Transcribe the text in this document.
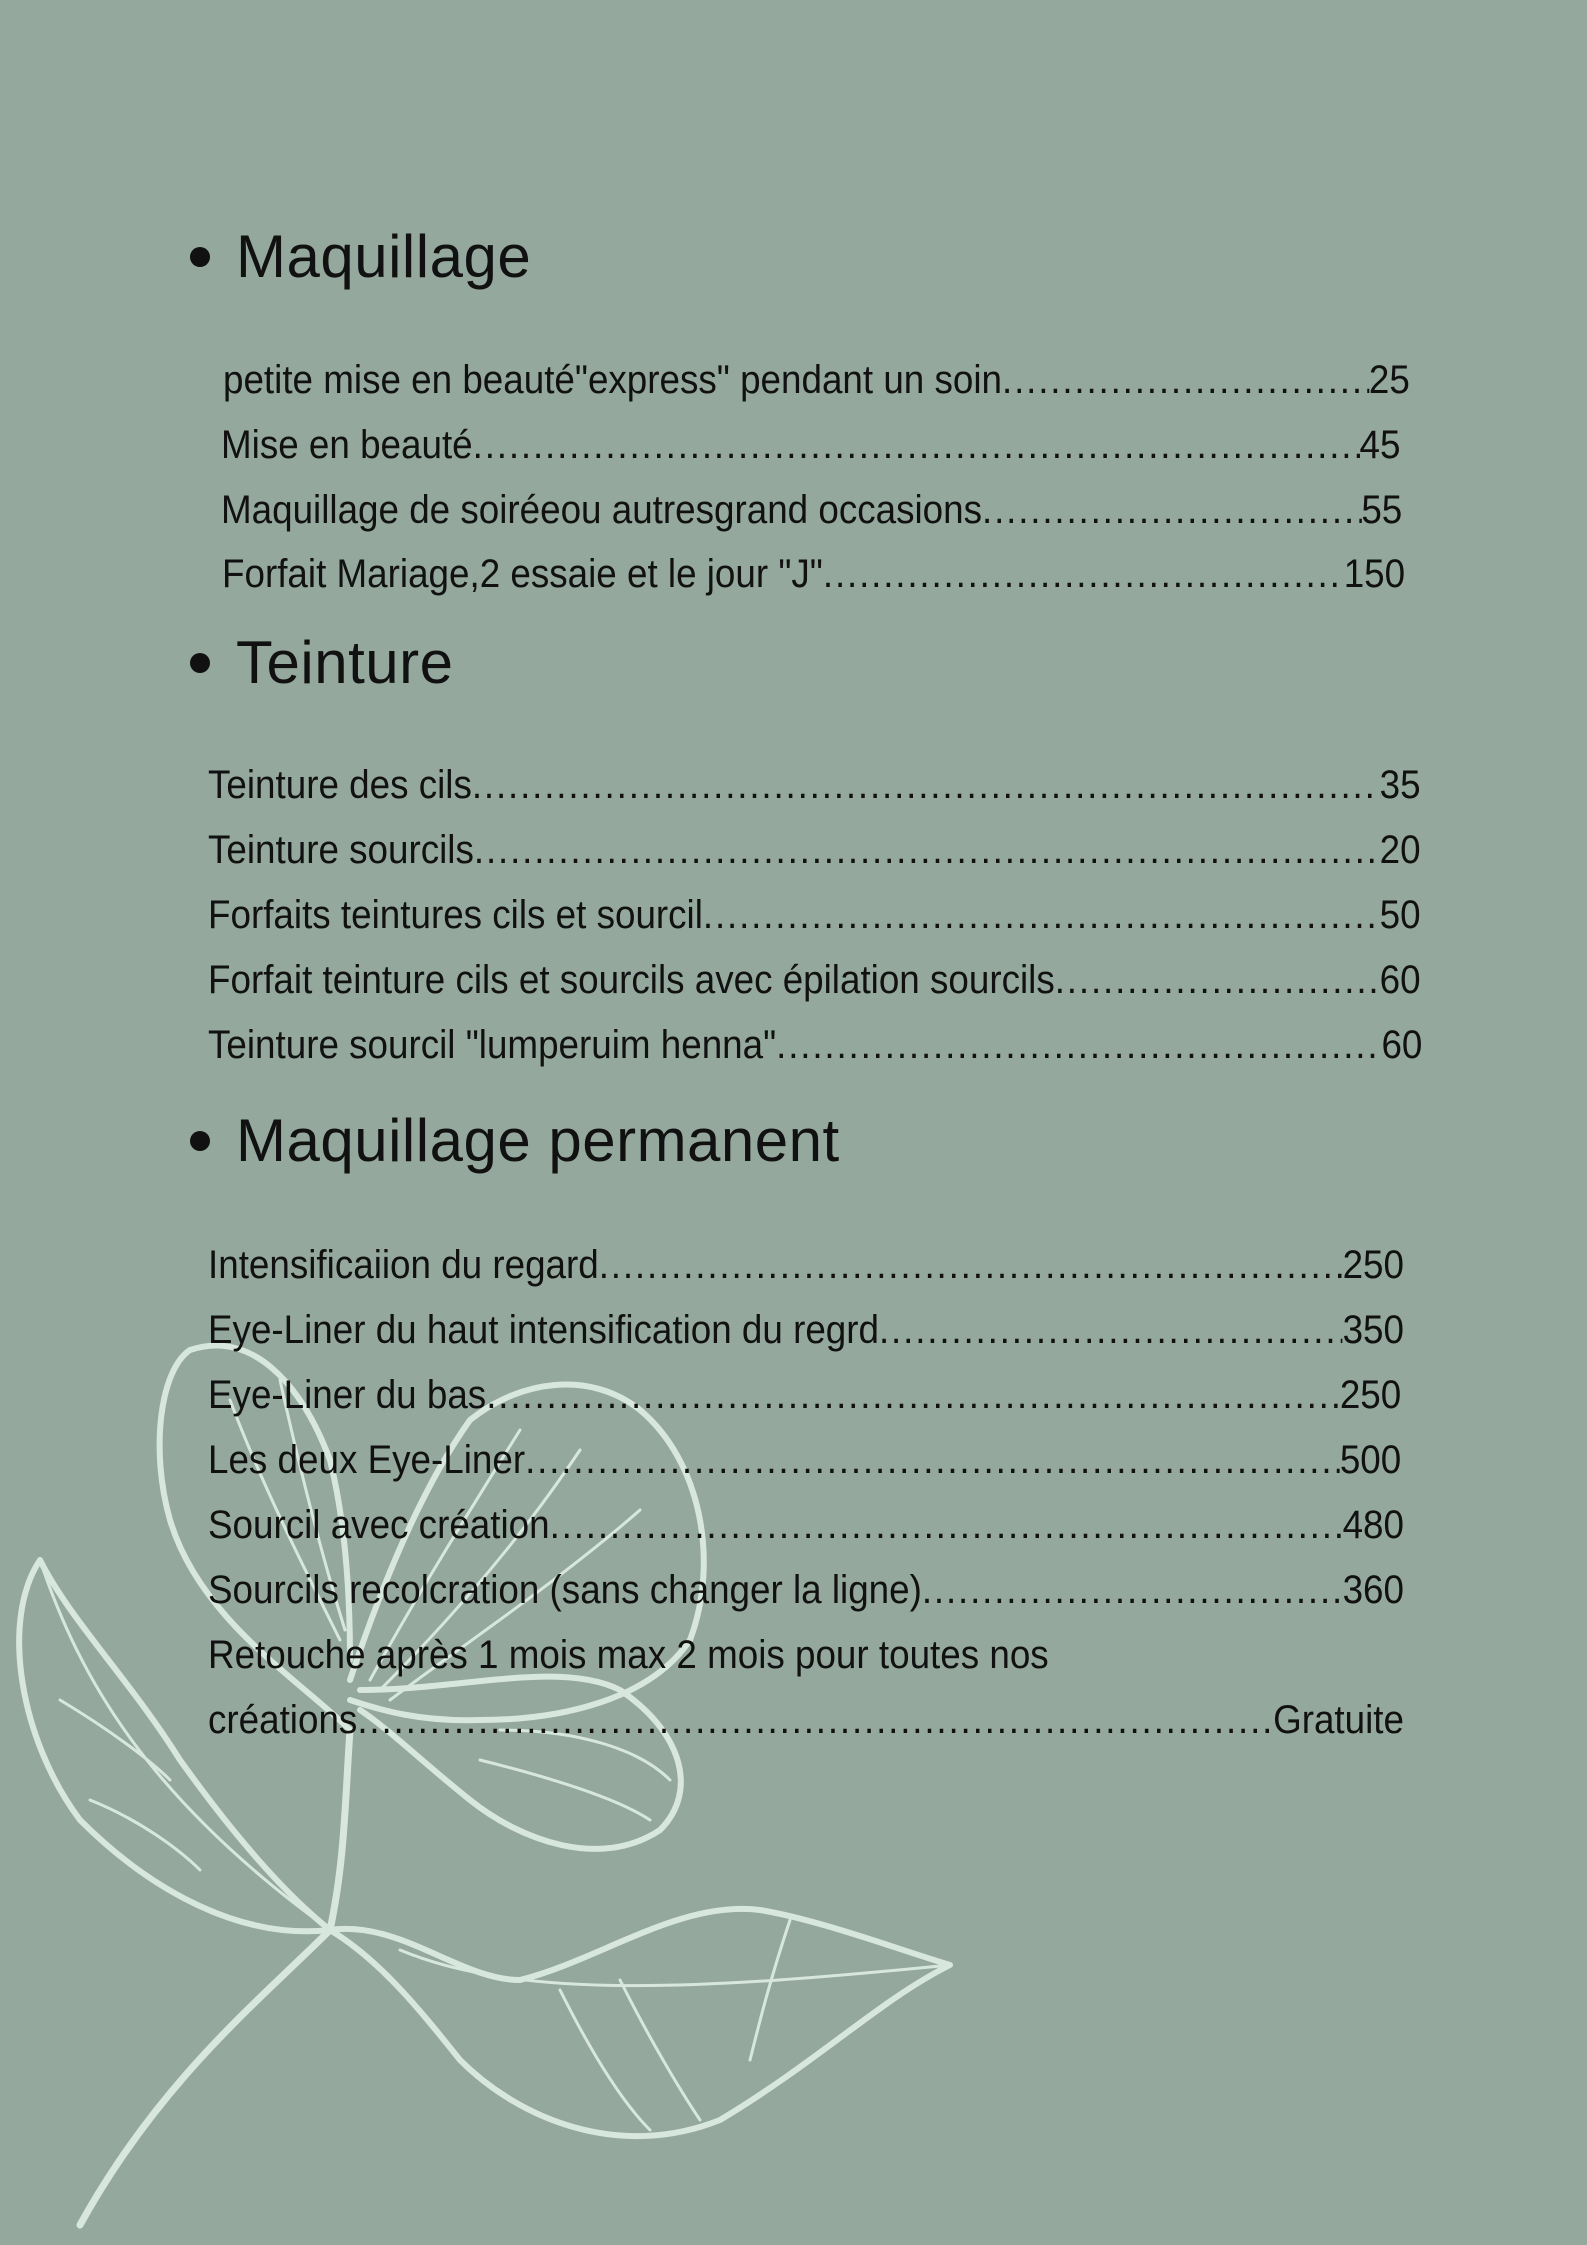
Maquillage
petite mise en beauté"express" pendant un soin .....	25
Mise en beauté .....	45
Maquillage de soiréeou autresgrand occasions .....	55
Forfait Mariage,2 essaie et le jour "J" .....	150
Teinture
Teinture des cils .....	35
Teinture sourcils .....	20
Forfaits teintures cils et sourcil .....	50
Forfait teinture cils et sourcils avec épilation sourcils .....	60
Teinture sourcil "lumperuim henna" .....	60
Maquillage permanent
Intensificaiion du regard .....	250
Eye-Liner du haut intensification du regrd .....	350
Eye-Liner du bas .....	250
Les deux Eye-Liner .....	500
Sourcil avec création .....	480
Sourcils recolcration (sans changer la ligne) .....	360
Retouche après 1 mois max 2 mois pour toutes nos
créations .....	Gratuite
